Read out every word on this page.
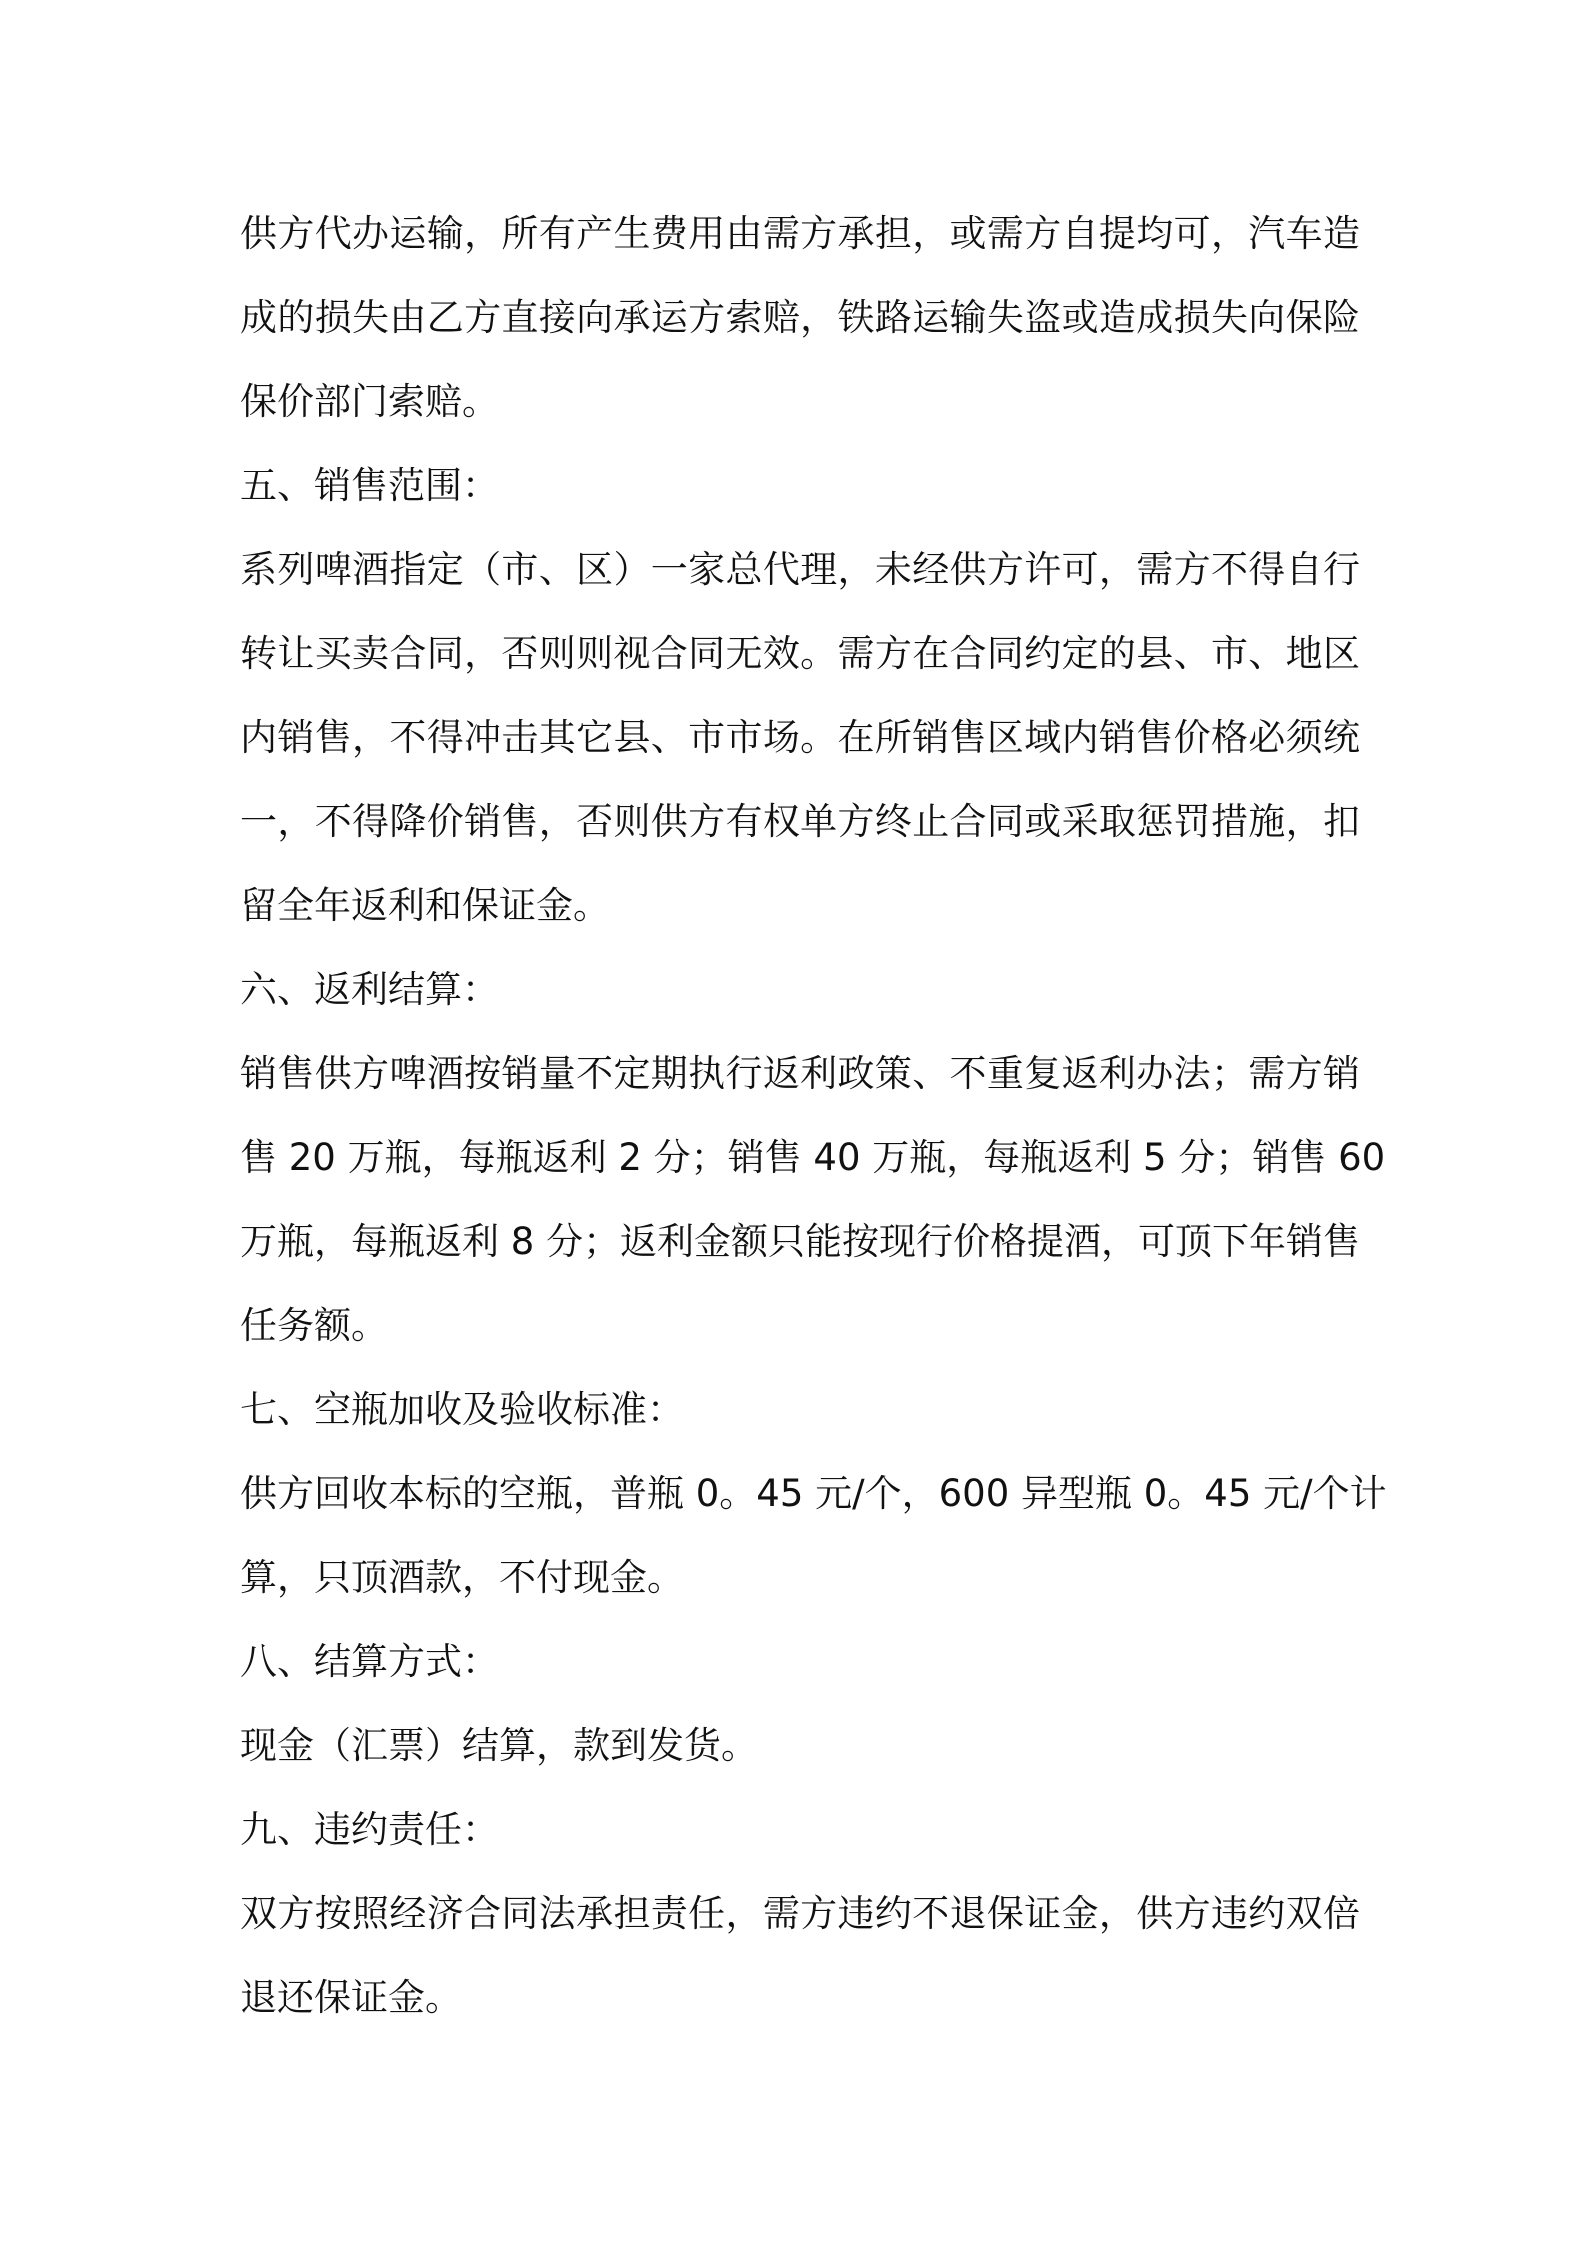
供方代办运输，所有产生费用由需方承担，或需方自提均可，汽车造
成的损失由乙方直接向承运方索赔，铁路运输失盗或造成损失向保险
保价部门索赔。
五、销售范围：
系列啤酒指定（市、区）一家总代理，未经供方许可，需方不得自行
转让买卖合同，否则则视合同无效。需方在合同约定的县、市、地区
内销售，不得冲击其它县、市市场。在所销售区域内销售价格必须统
一，不得降价销售，否则供方有权单方终止合同或采取惩罚措施，扣
留全年返利和保证金。
六、返利结算：
销售供方啤酒按销量不定期执行返利政策、不重复返利办法；需方销
售 20 万瓶，每瓶返利 2 分；销售 40 万瓶，每瓶返利 5 分；销售 60
万瓶，每瓶返利 8 分；返利金额只能按现行价格提酒，可顶下年销售
任务额。
七、空瓶加收及验收标准：
供方回收本标的空瓶，普瓶 0。45 元/个，600 异型瓶 0。45 元/个计
算，只顶酒款，不付现金。
八、结算方式：
现金（汇票）结算，款到发货。
九、违约责任：
双方按照经济合同法承担责任，需方违约不退保证金，供方违约双倍
退还保证金。
